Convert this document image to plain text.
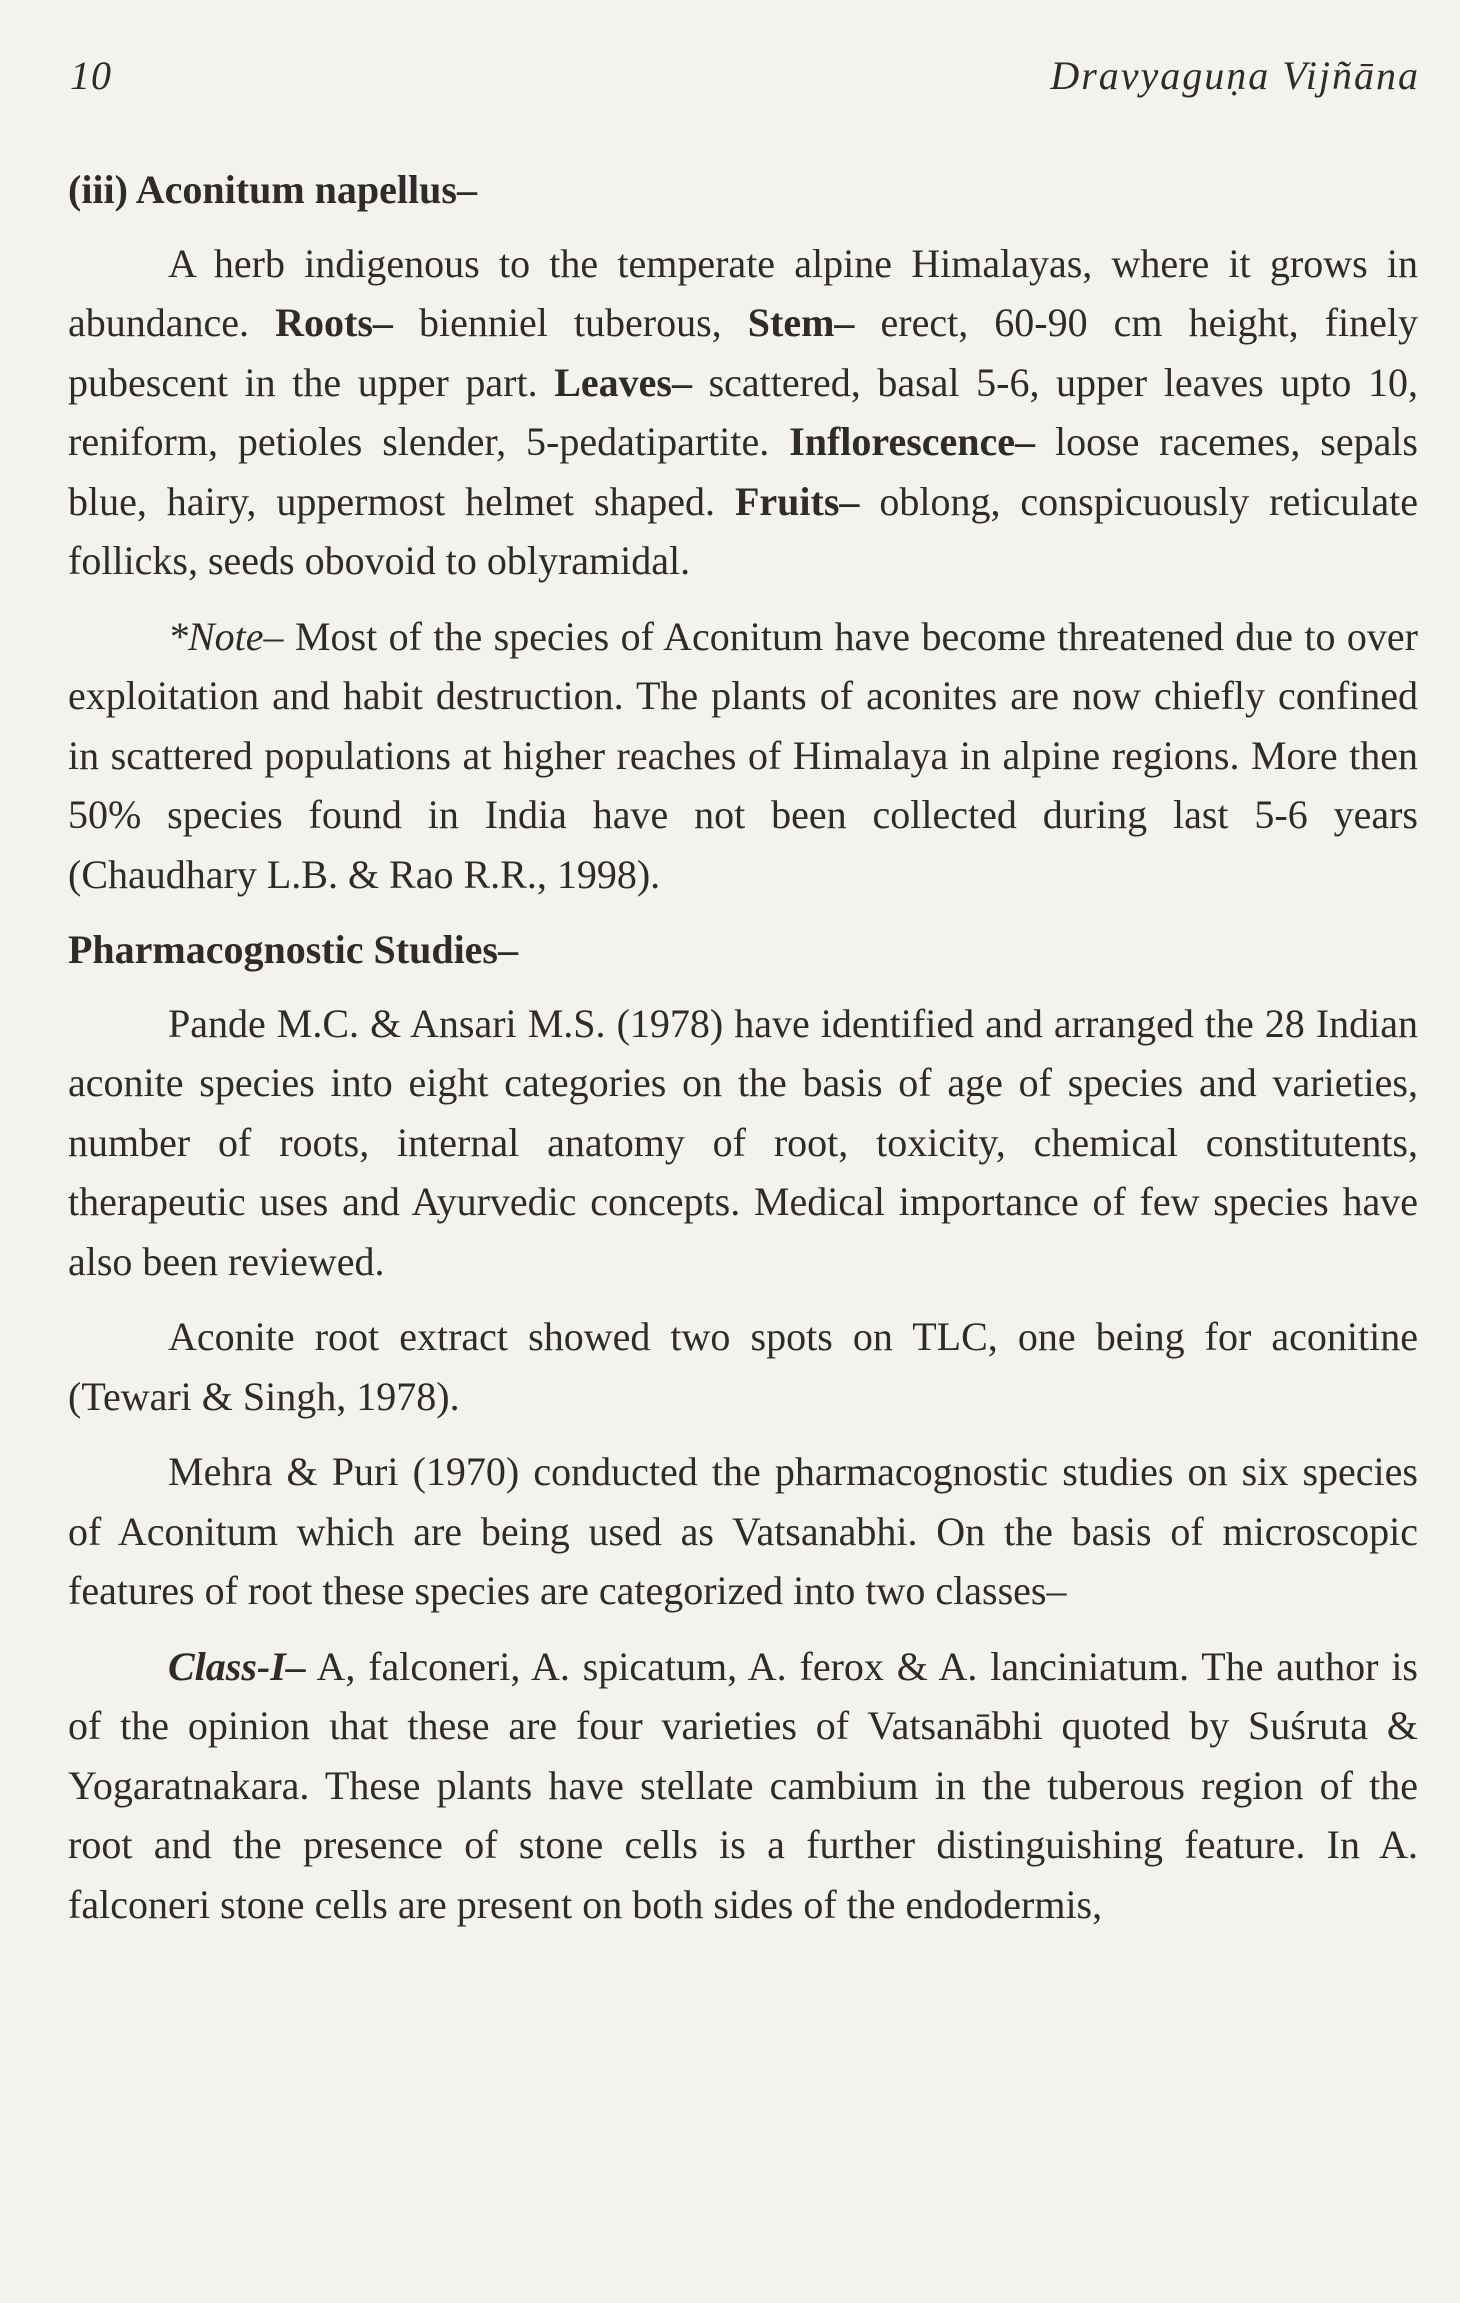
10	Dravyaguṇa Vijñāna
(iii) Aconitum napellus–

A herb indigenous to the temperate alpine Himalayas, where it grows in abundance. Roots– bienniel tuberous, Stem– erect, 60-90 cm height, finely pubescent in the upper part. Leaves– scattered, basal 5-6, upper leaves upto 10, reniform, petioles slender, 5-pedatipartite. Inflorescence– loose racemes, sepals blue, hairy, uppermost helmet shaped. Fruits– oblong, conspicuously reticulate follicks, seeds obovoid to oblyramidal.

*Note– Most of the species of Aconitum have become threatened due to over exploitation and habit destruction. The plants of aconites are now chiefly confined in scattered populations at higher reaches of Himalaya in alpine regions. More then 50% species found in India have not been collected during last 5-6 years (Chaudhary L.B. & Rao R.R., 1998).

Pharmacognostic Studies–

Pande M.C. & Ansari M.S. (1978) have identified and arranged the 28 Indian aconite species into eight categories on the basis of age of species and varieties, number of roots, internal anatomy of root, toxicity, chemical constitutents, therapeutic uses and Ayurvedic concepts. Medical importance of few species have also been reviewed.

Aconite root extract showed two spots on TLC, one being for aconitine (Tewari & Singh, 1978).

Mehra & Puri (1970) conducted the pharmacognostic studies on six species of Aconitum which are being used as Vatsanabhi. On the basis of microscopic features of root these species are categorized into two classes–

Class-I– A, falconeri, A. spicatum, A. ferox & A. lanciniatum. The author is of the opinion ιhat these are four varieties of Vatsanābhi quoted by Suśruta & Yogaratnakara. These plants have stellate cambium in the tuberous region of the root and the presence of stone cells is a further distinguishing feature. In A. falconeri stone cells are present on both sides of the endodermis,
